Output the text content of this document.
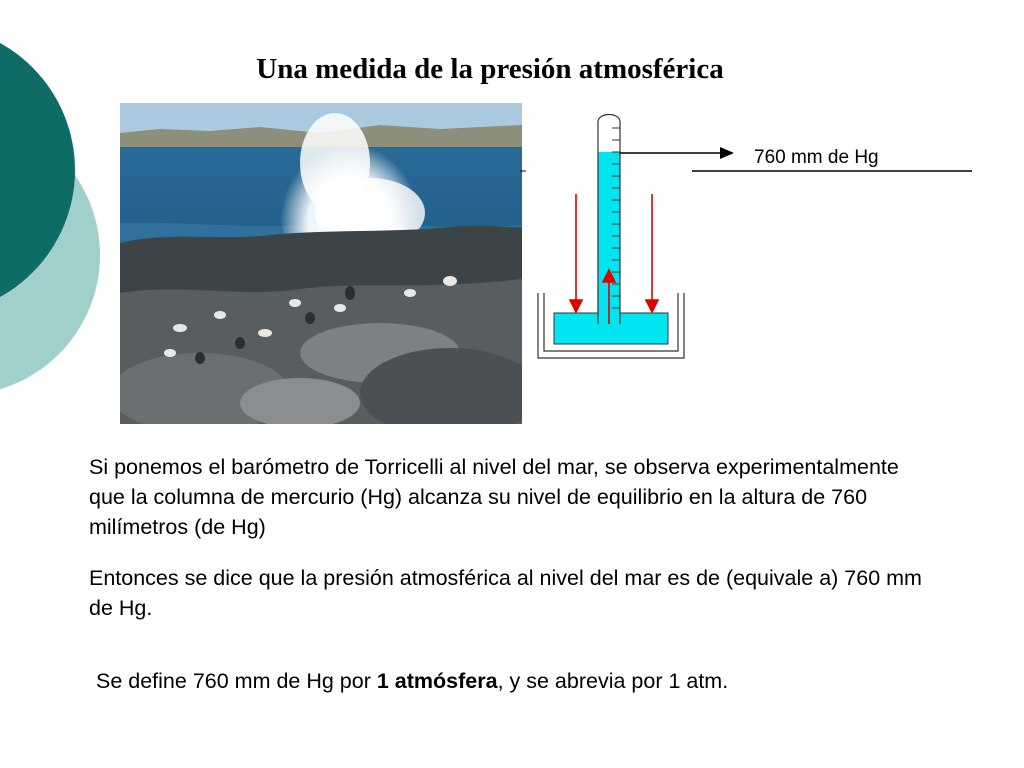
Una medida de la presión atmosférica
760 mm de Hg

Si ponemos el barómetro de Torricelli al nivel del mar, se observa experimentalmente que la columna de mercurio (Hg) alcanza su nivel de equilibrio en la altura de 760 milímetros (de Hg)

Entonces se dice que la presión atmosférica al nivel del mar es de (equivale a) 760 mm de Hg.

Se define 760 mm de Hg por 1 atmósfera, y se abrevia por 1 atm.
